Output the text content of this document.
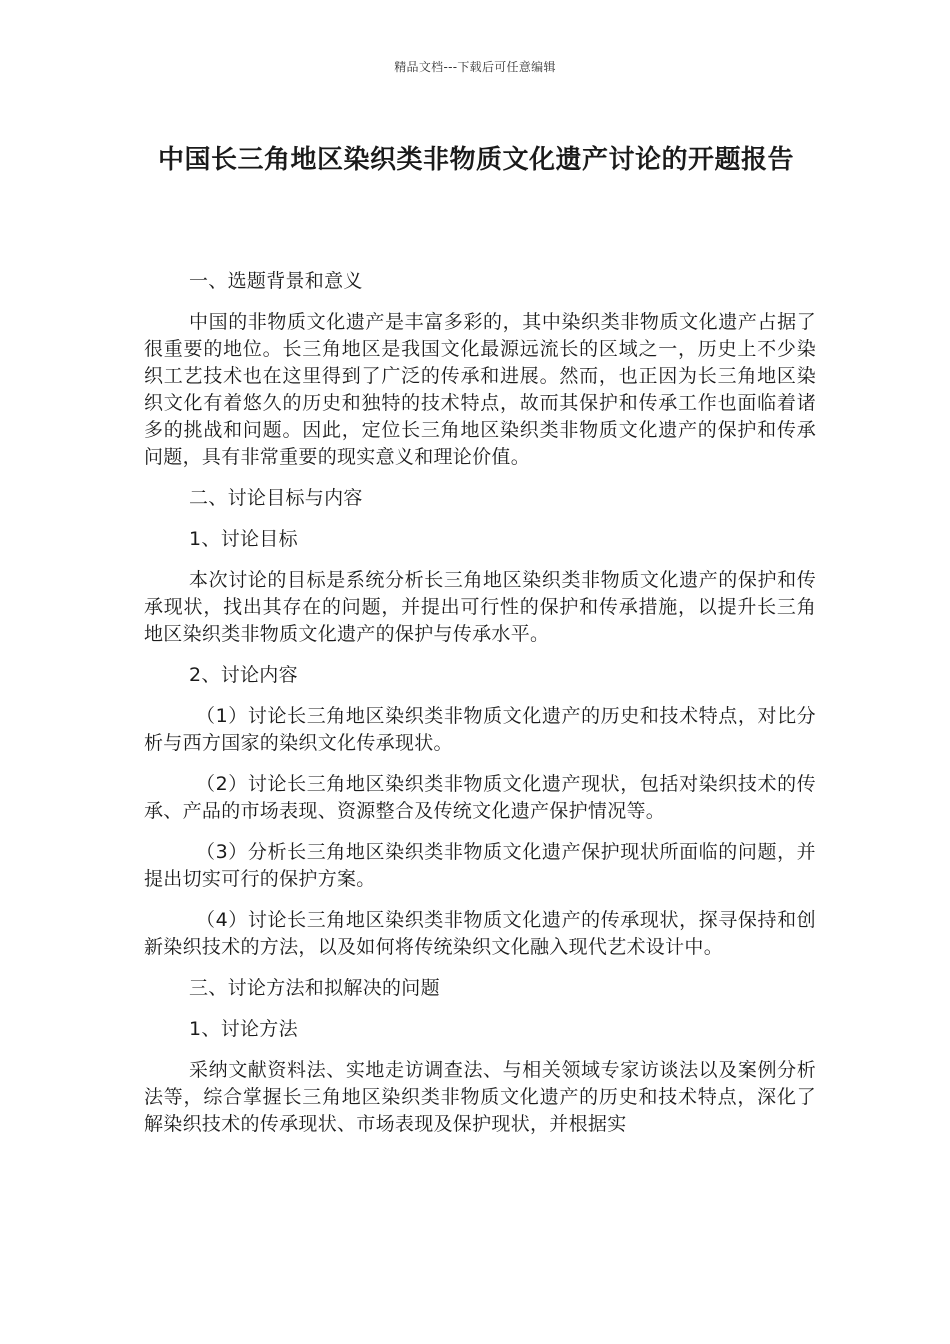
精品文档---下载后可任意编辑
中国长三角地区染织类非物质文化遗产讨论的开题报告

一、选题背景和意义

中国的非物质文化遗产是丰富多彩的，其中染织类非物质文化遗产占据了很重要的地位。长三角地区是我国文化最源远流长的区域之一，历史上不少染织工艺技术也在这里得到了广泛的传承和进展。然而，也正因为长三角地区染织文化有着悠久的历史和独特的技术特点，故而其保护和传承工作也面临着诸多的挑战和问题。因此，定位长三角地区染织类非物质文化遗产的保护和传承问题，具有非常重要的现实意义和理论价值。

二、讨论目标与内容

1、讨论目标

本次讨论的目标是系统分析长三角地区染织类非物质文化遗产的保护和传承现状，找出其存在的问题，并提出可行性的保护和传承措施，以提升长三角地区染织类非物质文化遗产的保护与传承水平。

2、讨论内容

（1）讨论长三角地区染织类非物质文化遗产的历史和技术特点，对比分析与西方国家的染织文化传承现状。

（2）讨论长三角地区染织类非物质文化遗产现状，包括对染织技术的传承、产品的市场表现、资源整合及传统文化遗产保护情况等。

（3）分析长三角地区染织类非物质文化遗产保护现状所面临的问题，并提出切实可行的保护方案。

（4）讨论长三角地区染织类非物质文化遗产的传承现状，探寻保持和创新染织技术的方法，以及如何将传统染织文化融入现代艺术设计中。

三、讨论方法和拟解决的问题

1、讨论方法

采纳文献资料法、实地走访调查法、与相关领域专家访谈法以及案例分析法等，综合掌握长三角地区染织类非物质文化遗产的历史和技术特点，深化了解染织技术的传承现状、市场表现及保护现状，并根据实
